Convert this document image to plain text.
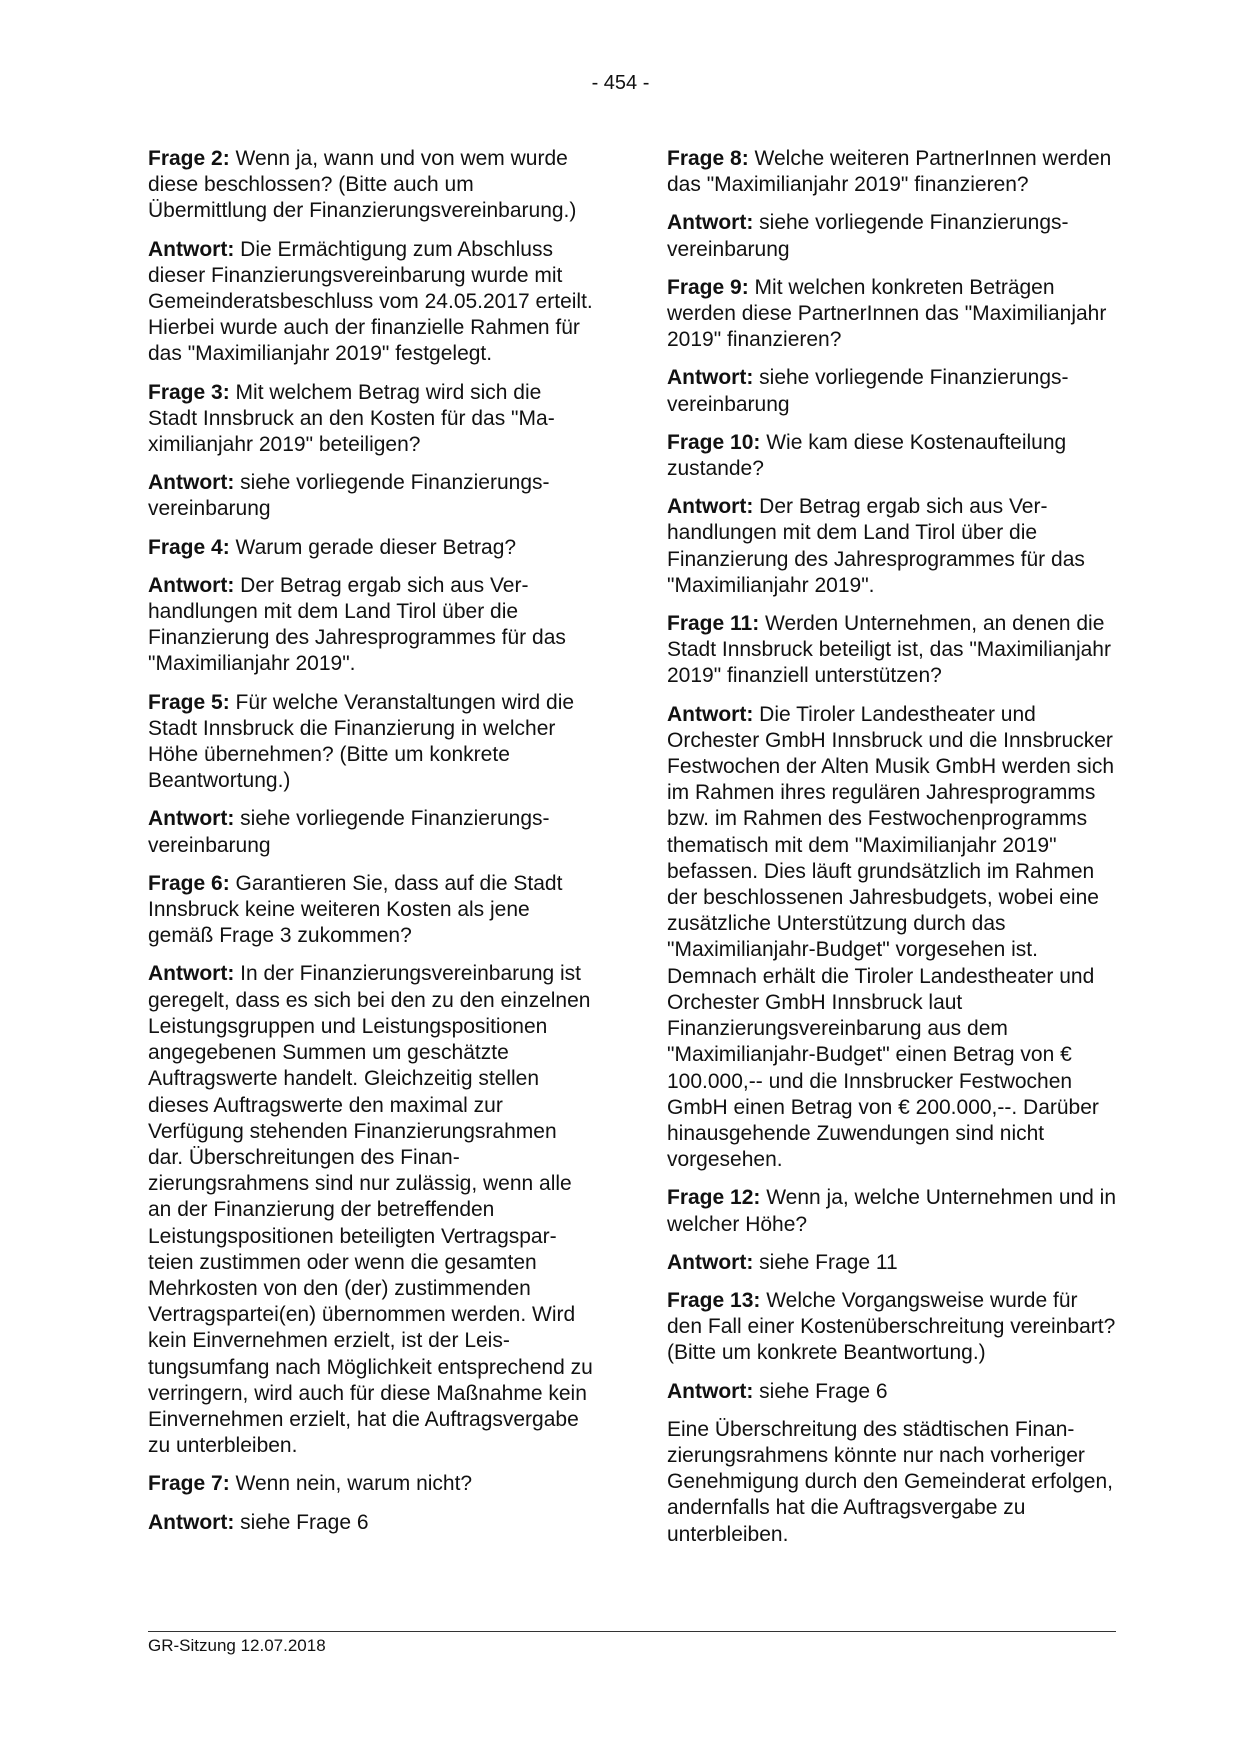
- 454 -

Frage 2: Wenn ja, wann und von wem wurde diese beschlossen? (Bitte auch um Übermittlung der Finanzierungsvereinbarung.)

Antwort: Die Ermächtigung zum Abschluss dieser Finanzierungsvereinbarung wurde mit Gemeinderatsbeschluss vom 24.05.2017 erteilt. Hierbei wurde auch der finanzielle Rahmen für das "Maximilianjahr 2019" festgelegt.

Frage 3: Mit welchem Betrag wird sich die Stadt Innsbruck an den Kosten für das "Maximilianjahr 2019" beteiligen?

Antwort: siehe vorliegende Finanzierungsvereinbarung

Frage 4: Warum gerade dieser Betrag?

Antwort: Der Betrag ergab sich aus Verhandlungen mit dem Land Tirol über die Finanzierung des Jahresprogrammes für das "Maximilianjahr 2019".

Frage 5: Für welche Veranstaltungen wird die Stadt Innsbruck die Finanzierung in welcher Höhe übernehmen? (Bitte um konkrete Beantwortung.)

Antwort: siehe vorliegende Finanzierungsvereinbarung

Frage 6: Garantieren Sie, dass auf die Stadt Innsbruck keine weiteren Kosten als jene gemäß Frage 3 zukommen?

Antwort: In der Finanzierungsvereinbarung ist geregelt, dass es sich bei den zu den einzelnen Leistungsgruppen und Leistungspositionen angegebenen Summen um geschätzte Auftragswerte handelt. Gleichzeitig stellen dieses Auftragswerte den maximal zur Verfügung stehenden Finanzierungsrahmen dar. Überschreitungen des Finanzierungsrahmens sind nur zulässig, wenn alle an der Finanzierung der betreffenden Leistungspositionen beteiligten Vertragsparteien zustimmen oder wenn die gesamten Mehrkosten von den (der) zustimmenden Vertragspartei(en) übernommen werden. Wird kein Einvernehmen erzielt, ist der Leistungsumfang nach Möglichkeit entsprechend zu verringern, wird auch für diese Maßnahme kein Einvernehmen erzielt, hat die Auftragsvergabe zu unterbleiben.

Frage 7: Wenn nein, warum nicht?

Antwort: siehe Frage 6

Frage 8: Welche weiteren PartnerInnen werden das "Maximilianjahr 2019" finanzieren?

Antwort: siehe vorliegende Finanzierungsvereinbarung

Frage 9: Mit welchen konkreten Beträgen werden diese PartnerInnen das "Maximilianjahr 2019" finanzieren?

Antwort: siehe vorliegende Finanzierungsvereinbarung

Frage 10: Wie kam diese Kostenaufteilung zustande?

Antwort: Der Betrag ergab sich aus Verhandlungen mit dem Land Tirol über die Finanzierung des Jahresprogrammes für das "Maximilianjahr 2019".

Frage 11: Werden Unternehmen, an denen die Stadt Innsbruck beteiligt ist, das "Maximilianjahr 2019" finanziell unterstützen?

Antwort: Die Tiroler Landestheater und Orchester GmbH Innsbruck und die Innsbrucker Festwochen der Alten Musik GmbH werden sich im Rahmen ihres regulären Jahresprogramms bzw. im Rahmen des Festwochenprogramms thematisch mit dem "Maximilianjahr 2019" befassen. Dies läuft grundsätzlich im Rahmen der beschlossenen Jahresbudgets, wobei eine zusätzliche Unterstützung durch das "Maximilianjahr-Budget" vorgesehen ist. Demnach erhält die Tiroler Landestheater und Orchester GmbH Innsbruck laut Finanzierungsvereinbarung aus dem "Maximilianjahr-Budget" einen Betrag von € 100.000,-- und die Innsbrucker Festwochen GmbH einen Betrag von € 200.000,--. Darüber hinausgehende Zuwendungen sind nicht vorgesehen.

Frage 12: Wenn ja, welche Unternehmen und in welcher Höhe?

Antwort: siehe Frage 11

Frage 13: Welche Vorgangsweise wurde für den Fall einer Kostenüberschreitung vereinbart? (Bitte um konkrete Beantwortung.)

Antwort: siehe Frage 6

Eine Überschreitung des städtischen Finanzierungsrahmens könnte nur nach vorheriger Genehmigung durch den Gemeinderat erfolgen, andernfalls hat die Auftragsvergabe zu unterbleiben.

GR-Sitzung 12.07.2018
